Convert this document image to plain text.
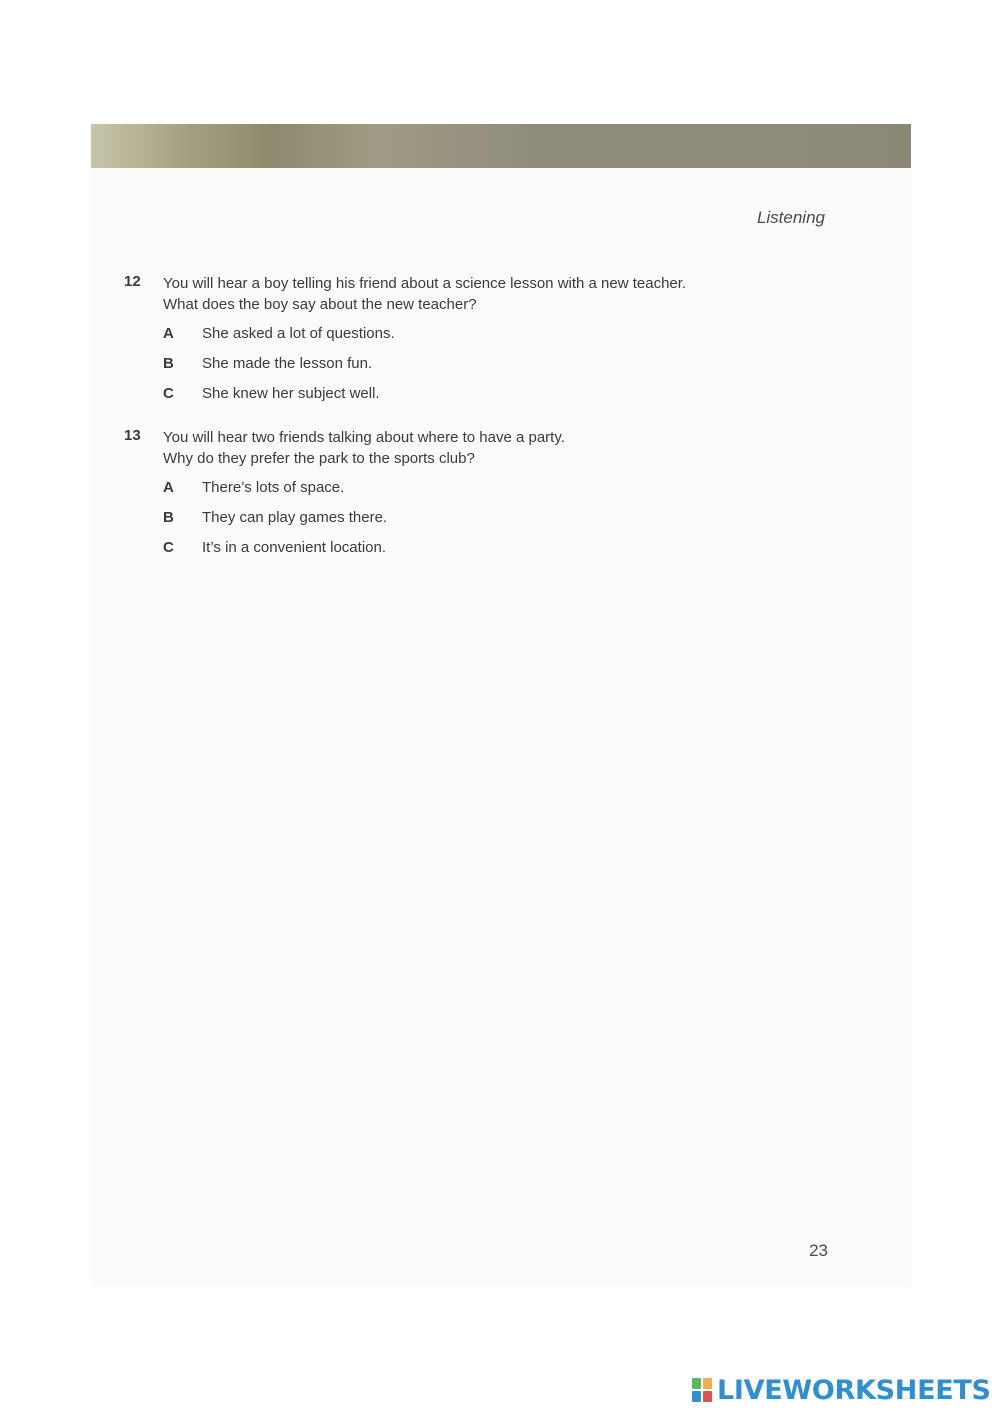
Listening

12 You will hear a boy telling his friend about a science lesson with a new teacher.
What does the boy say about the new teacher?
A She asked a lot of questions.
B She made the lesson fun.
C She knew her subject well.
13 You will hear two friends talking about where to have a party.
Why do they prefer the park to the sports club?
A There’s lots of space.
B They can play games there.
C It’s in a convenient location.

23

LIVEWORKSHEETS
